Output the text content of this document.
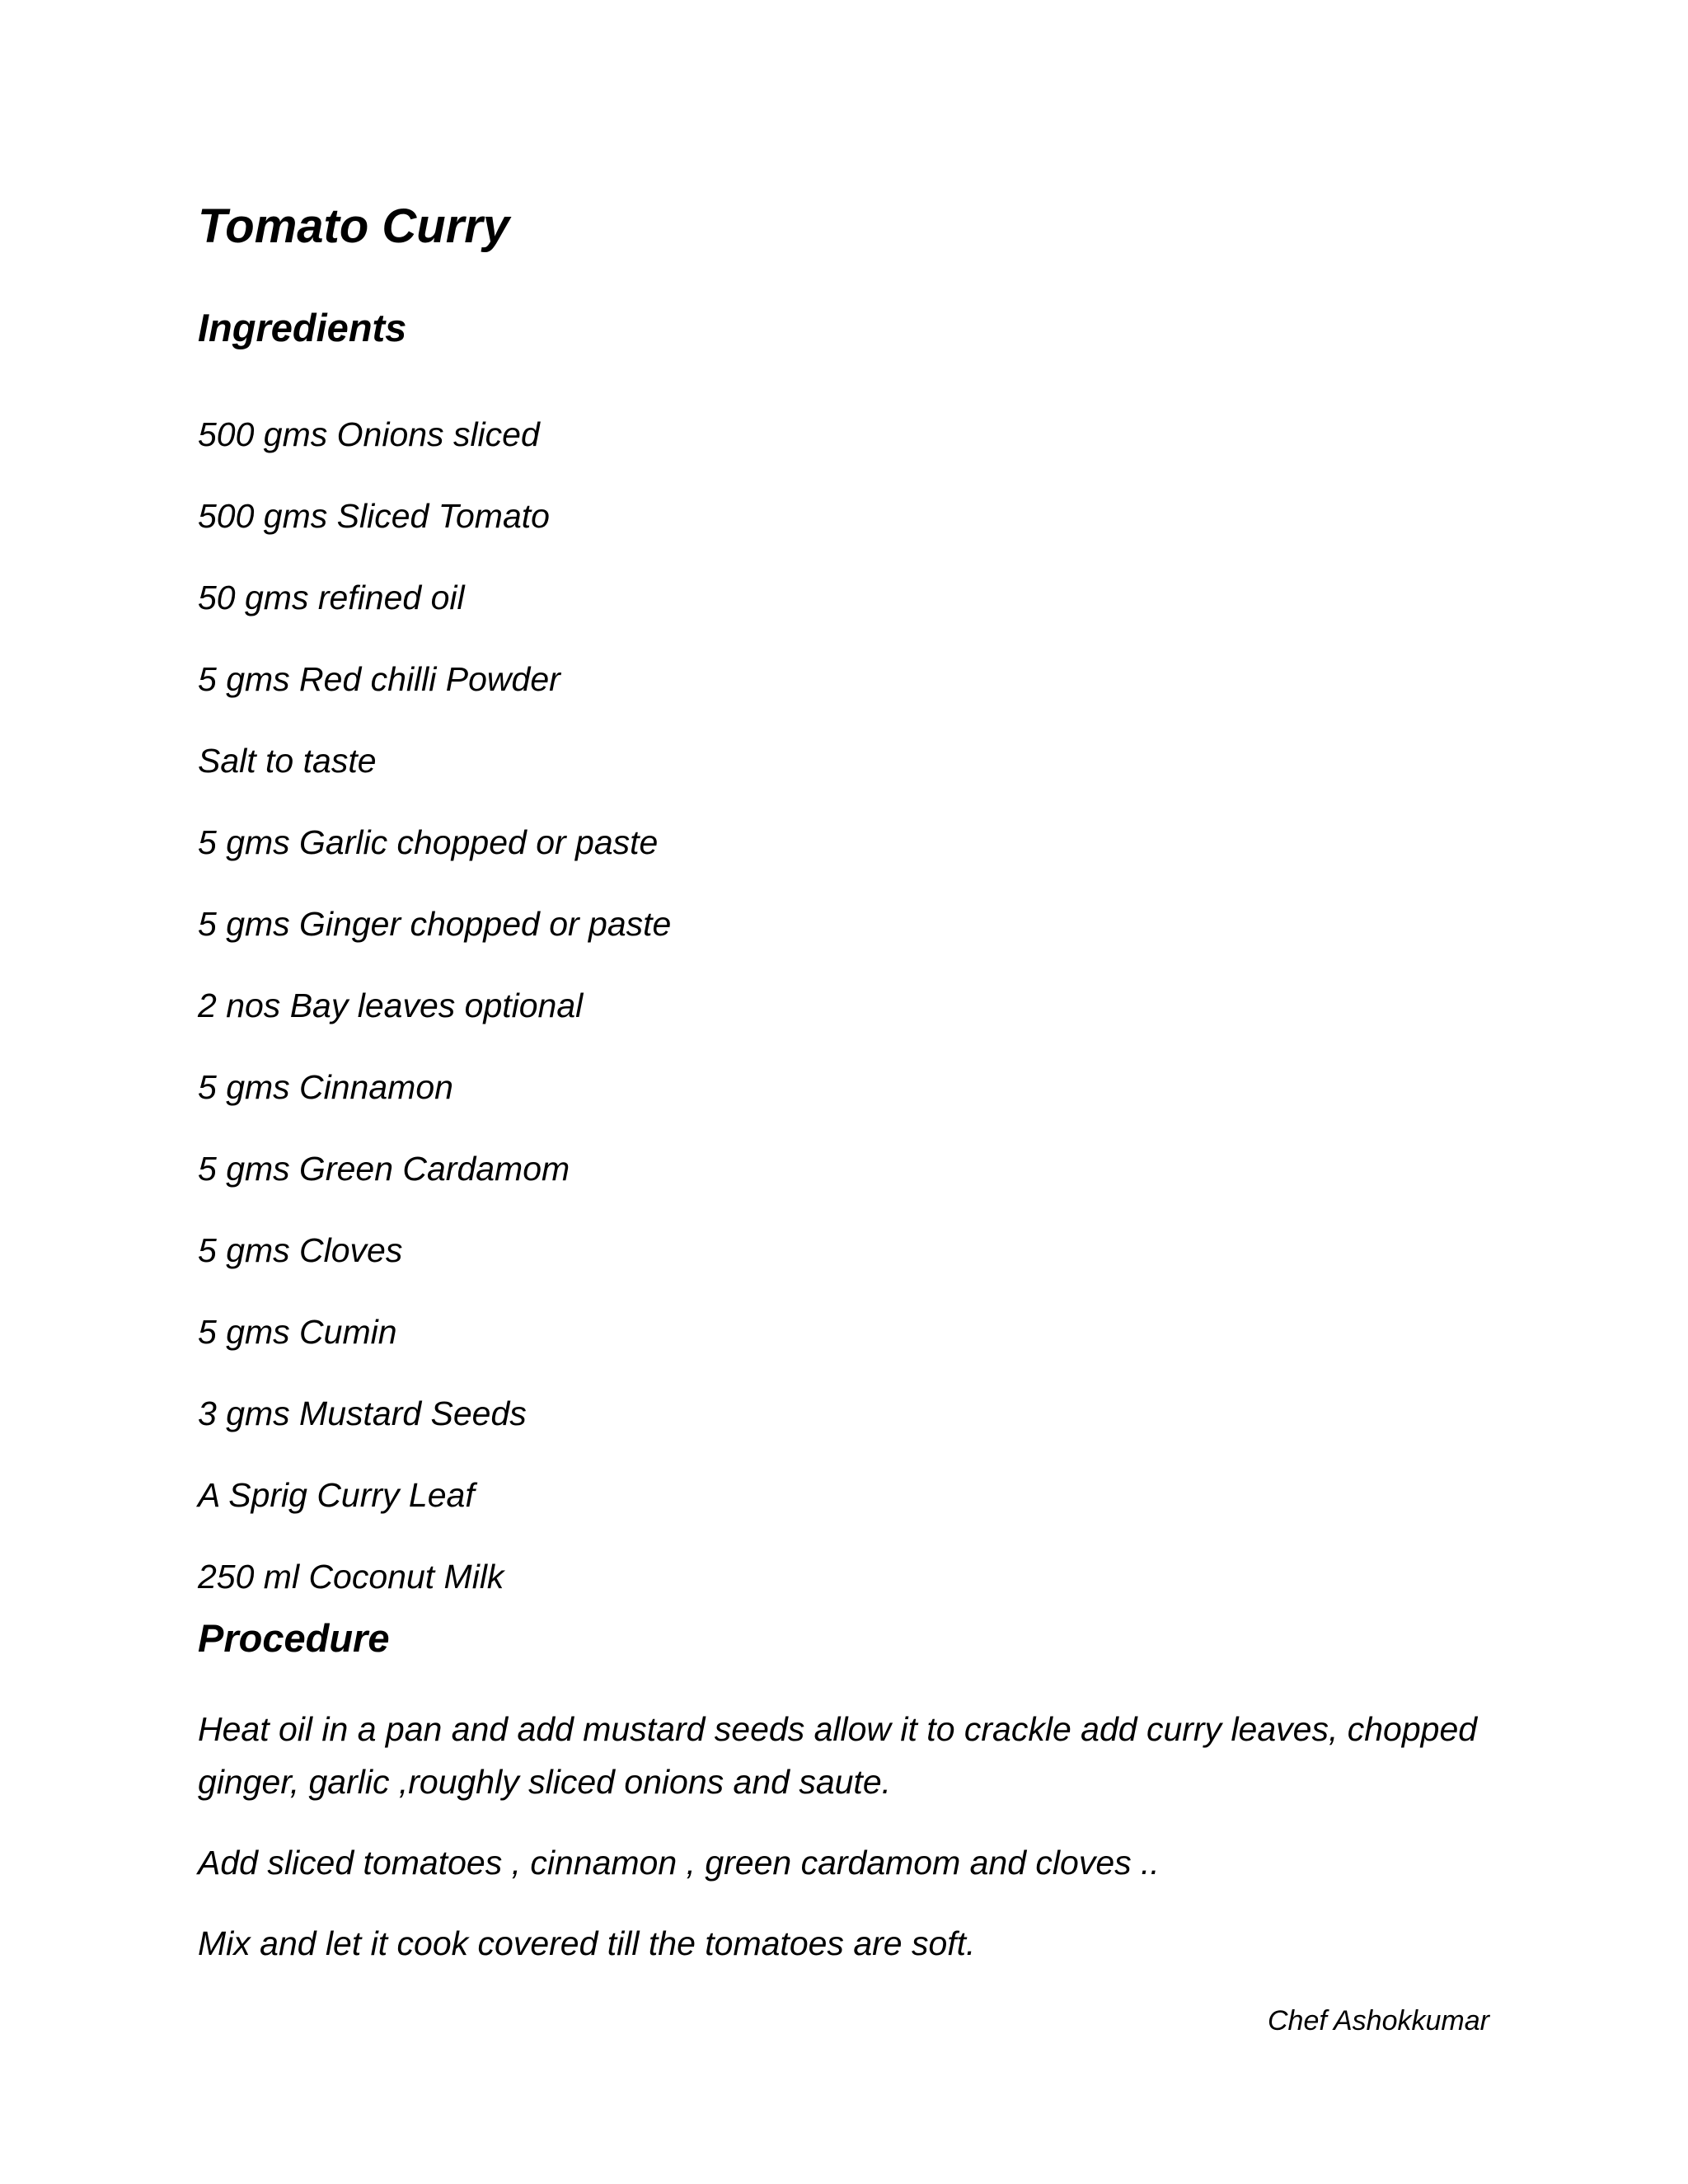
Tomato Curry
Ingredients
500 gms Onions sliced
500 gms Sliced Tomato
50 gms refined oil
5 gms Red chilli Powder
Salt to taste
5 gms Garlic chopped or paste
5 gms Ginger chopped or paste
2 nos Bay leaves optional
5 gms Cinnamon
5 gms Green Cardamom
5 gms Cloves
5 gms Cumin
3 gms Mustard Seeds
A Sprig Curry Leaf
250 ml Coconut Milk
Procedure

Heat oil in a pan and add mustard seeds allow it to crackle add curry leaves, chopped ginger, garlic ,roughly sliced onions and saute.

Add sliced tomatoes , cinnamon , green cardamom and cloves ..

Mix and let it cook covered till the tomatoes are soft.

Chef Ashokkumar
